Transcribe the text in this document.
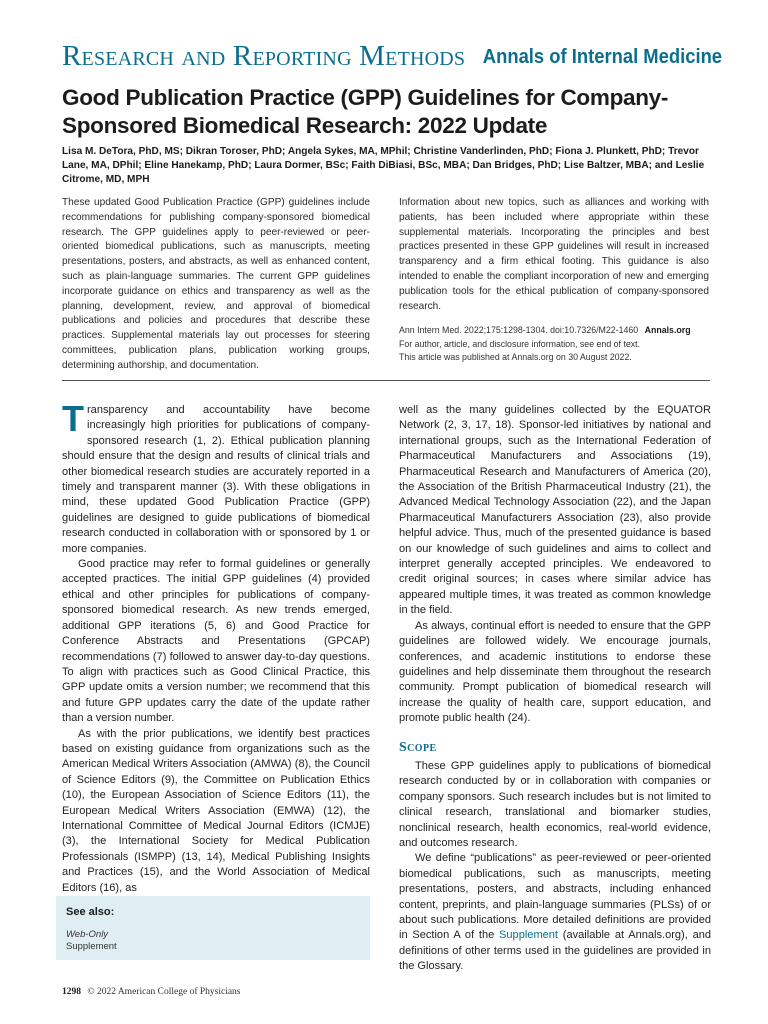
Research and Reporting Methods Annals of Internal Medicine
Good Publication Practice (GPP) Guidelines for Company-Sponsored Biomedical Research: 2022 Update
Lisa M. DeTora, PhD, MS; Dikran Toroser, PhD; Angela Sykes, MA, MPhil; Christine Vanderlinden, PhD; Fiona J. Plunkett, PhD; Trevor Lane, MA, DPhil; Eline Hanekamp, PhD; Laura Dormer, BSc; Faith DiBiasi, BSc, MBA; Dan Bridges, PhD; Lise Baltzer, MBA; and Leslie Citrome, MD, MPH

These updated Good Publication Practice (GPP) guidelines include recommendations for publishing company-sponsored biomedical research. The GPP guidelines apply to peer-reviewed or peer-oriented biomedical publications, such as manuscripts, meeting presentations, posters, and abstracts, as well as enhanced content, such as plain-language summaries. The current GPP guidelines incorporate guidance on ethics and transparency as well as the planning, development, review, and approval of biomedical publications and policies and procedures that describe these practices. Supplemental materials lay out processes for steering committees, publication plans, publication working groups, determining authorship, and documentation.

Information about new topics, such as alliances and working with patients, has been included where appropriate within these supplemental materials. Incorporating the principles and best practices presented in these GPP guidelines will result in increased transparency and a firm ethical footing. This guidance is also intended to enable the compliant incorporation of new and emerging publication tools for the ethical publication of company-sponsored research.

Ann Intern Med. 2022;175:1298-1304. doi:10.7326/M22-1460 Annals.org
For author, article, and disclosure information, see end of text.
This article was published at Annals.org on 30 August 2022.

Transparency and accountability have become increasingly high priorities for publications of company-sponsored research (1, 2). Ethical publication planning should ensure that the design and results of clinical trials and other biomedical research studies are accurately reported in a timely and transparent manner (3). With these obligations in mind, these updated Good Publication Practice (GPP) guidelines are designed to guide publications of biomedical research conducted in collaboration with or sponsored by 1 or more companies.

Good practice may refer to formal guidelines or generally accepted practices. The initial GPP guidelines (4) provided ethical and other principles for publications of company-sponsored biomedical research. As new trends emerged, additional GPP iterations (5, 6) and Good Practice for Conference Abstracts and Presentations (GPCAP) recommendations (7) followed to answer day-to-day questions. To align with practices such as Good Clinical Practice, this GPP update omits a version number; we recommend that this and future GPP updates carry the date of the update rather than a version number.

As with the prior publications, we identify best practices based on existing guidance from organizations such as the American Medical Writers Association (AMWA) (8), the Council of Science Editors (9), the Committee on Publication Ethics (10), the European Association of Science Editors (11), the European Medical Writers Association (EMWA) (12), the International Committee of Medical Journal Editors (ICMJE) (3), the International Society for Medical Publication Professionals (ISMPP) (13, 14), Medical Publishing Insights and Practices (15), and the World Association of Medical Editors (16), as

well as the many guidelines collected by the EQUATOR Network (2, 3, 17, 18). Sponsor-led initiatives by national and international groups, such as the International Federation of Pharmaceutical Manufacturers and Associations (19), Pharmaceutical Research and Manufacturers of America (20), the Association of the British Pharmaceutical Industry (21), the Advanced Medical Technology Association (22), and the Japan Pharmaceutical Manufacturers Association (23), also provide helpful advice. Thus, much of the presented guidance is based on our knowledge of such guidelines and aims to collect and interpret generally accepted principles. We endeavored to credit original sources; in cases where similar advice has appeared multiple times, it was treated as common knowledge in the field.

As always, continual effort is needed to ensure that the GPP guidelines are followed widely. We encourage journals, conferences, and academic institutions to endorse these guidelines and help disseminate them throughout the research community. Prompt publication of biomedical research will increase the quality of health care, support education, and promote public health (24).

Scope

These GPP guidelines apply to publications of biomedical research conducted by or in collaboration with companies or company sponsors. Such research includes but is not limited to clinical research, translational and biomarker studies, nonclinical research, health economics, real-world evidence, and outcomes research.

We define “publications” as peer-reviewed or peer-oriented biomedical publications, such as manuscripts, meeting presentations, posters, and abstracts, including enhanced content, preprints, and plain-language summaries (PLSs) of or about such publications. More detailed definitions are provided in Section A of the Supplement (available at Annals.org), and definitions of other terms used in the guidelines are provided in the Glossary.

See also:
Web-Only
Supplement
1298 © 2022 American College of Physicians
